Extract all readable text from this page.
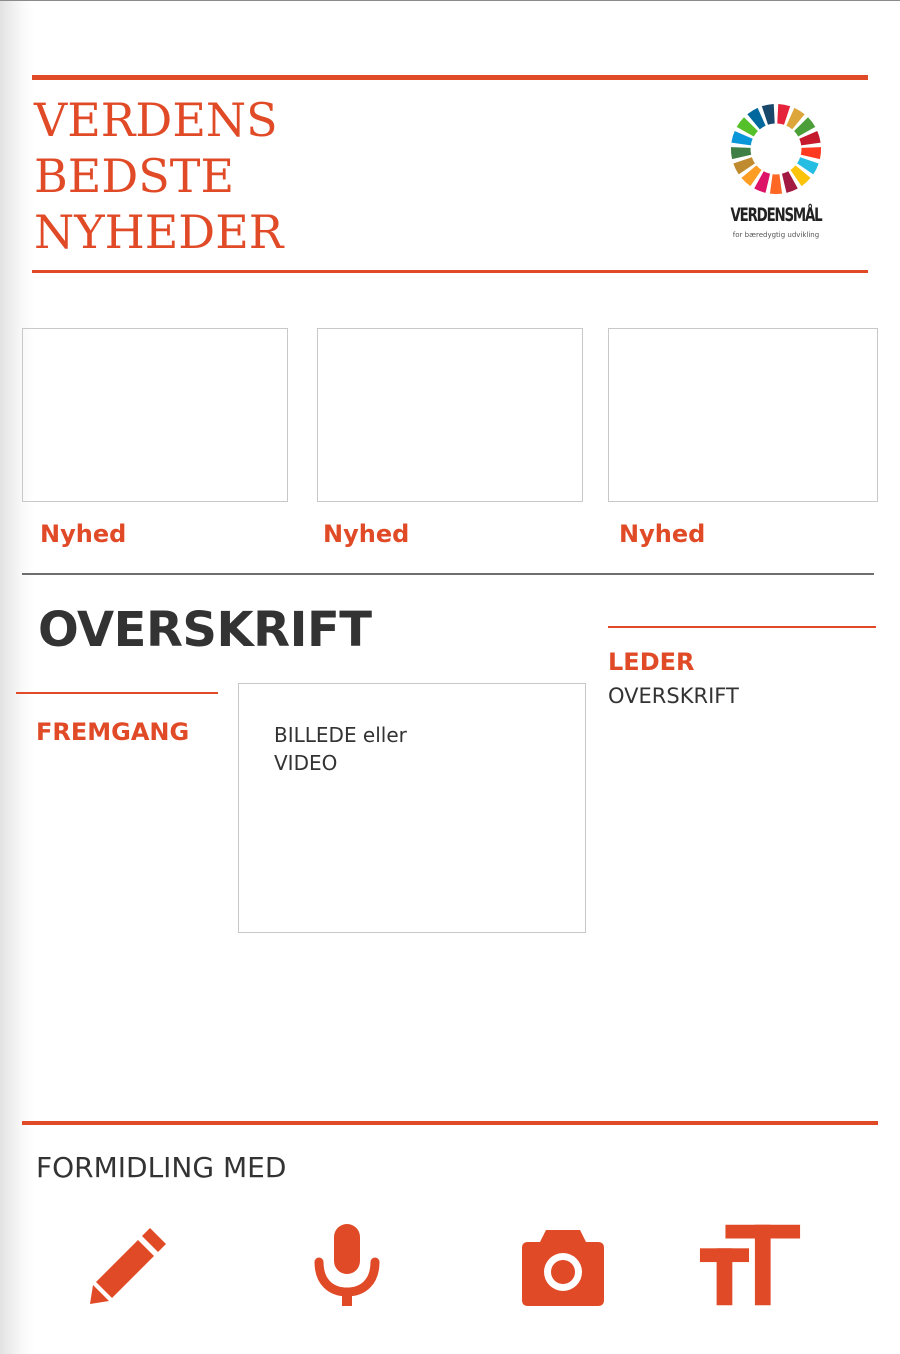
VERDENS
BEDSTE
NYHEDER	VERDENSMÅL
for bæredygtig udvikling
Nyhed	Nyhed	Nyhed
OVERSKRIFT
FREMGANG	BILLEDE eller
VIDEO
LEDER
OVERSKRIFT
FORMIDLING MED
